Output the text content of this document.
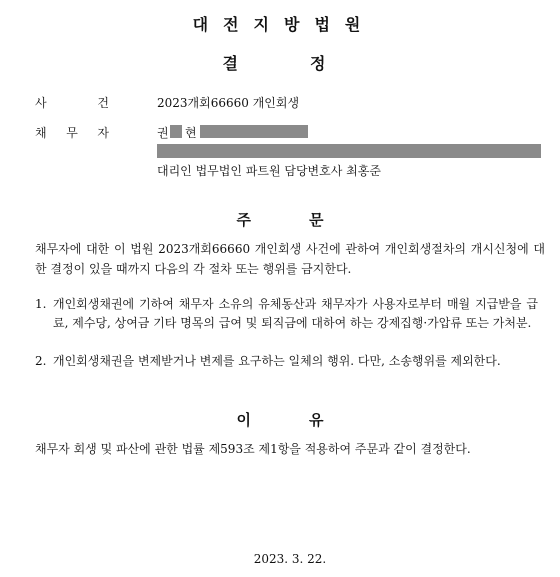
대전지방법원
결정
사	건	2023개회66660 개인회생
채 무 자	권 현
대리인 법무법인 파트원 담당변호사 최홍준
주	문
채무자에 대한 이 법원 2023개회66660 개인회생 사건에 관하여 개인회생절차의 개시신청에 대한 결정이 있을 때까지 다음의 각 절차 또는 행위를 금지한다.
1. 개인회생채권에 기하여 채무자 소유의 유체동산과 채무자가 사용자로부터 매월 지급받을 급료, 제수당, 상여금 기타 명목의 급여 및 퇴직금에 대하여 하는 강제집행·가압류 또는 가처분.
2. 개인회생채권을 변제받거나 변제를 요구하는 일체의 행위. 다만, 소송행위를 제외한다.
이	유
채무자 회생 및 파산에 관한 법률 제593조 제1항을 적용하여 주문과 같이 결정한다.
2023. 3. 22.
